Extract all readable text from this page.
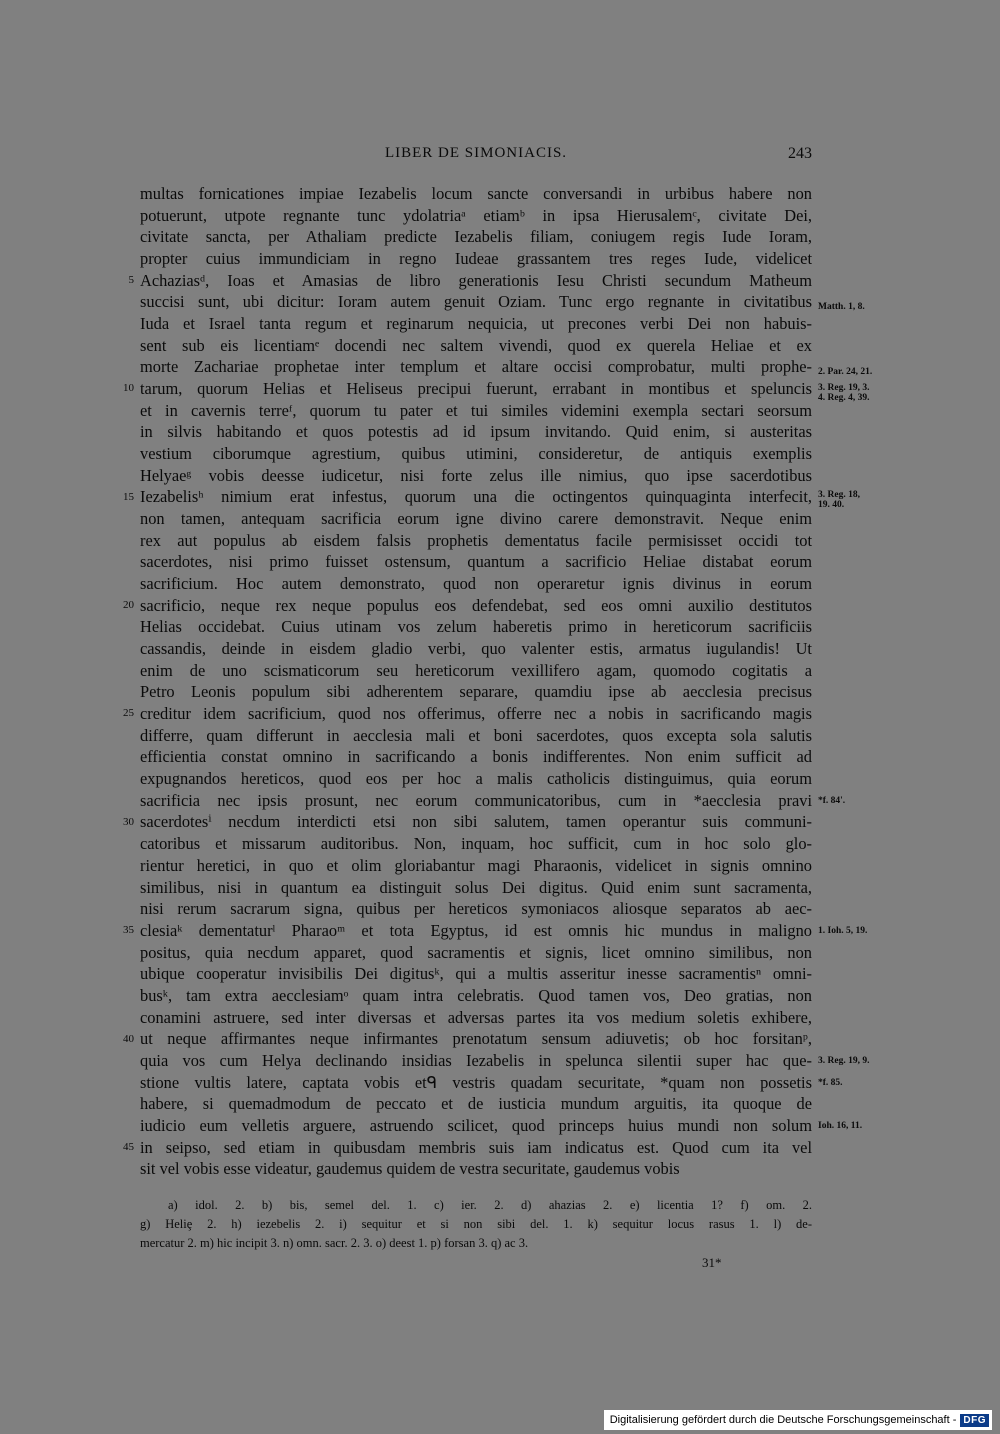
LIBER DE SIMONIACIS.	243
multas fornicationes impiae Iezabelis locum sancte conversandi in urbibus habere non
potuerunt, utpote regnante tunc ydolatriaᵃ etiamᵇ in ipsa Hierusalemᶜ, civitate Dei,
civitate sancta, per Athaliam predicte Iezabelis filiam, coniugem regis Iude Ioram,
propter cuius immundiciam in regno Iudeae grassantem tres reges Iude, videlicet
Achaziasᵈ, Ioas et Amasias de libro generationis Iesu Christi secundum Matheum
succisi sunt, ubi dicitur: Ioram autem genuit Oziam. Tunc ergo regnante in civitatibus
Iuda et Israel tanta regum et reginarum nequicia, ut precones verbi Dei non habuis-
sent sub eis licentiamᵉ docendi nec saltem vivendi, quod ex querela Heliae et ex
morte Zachariae prophetae inter templum et altare occisi comprobatur, multi prophe-
tarum, quorum Helias et Heliseus precipui fuerunt, errabant in montibus et speluncis
et in cavernis terreᶠ, quorum tu pater et tui similes videmini exempla sectari seorsum
in silvis habitando et quos potestis ad id ipsum invitando. Quid enim, si austeritas
vestium ciborumque agrestium, quibus utimini, consideretur, de antiquis exemplis
Helyaeᵍ vobis deesse iudicetur, nisi forte zelus ille nimius, quo ipse sacerdotibus
Iezabelisʰ nimium erat infestus, quorum una die octingentos quinquaginta interfecit,
non tamen, antequam sacrificia eorum igne divino carere demonstravit. Neque enim
rex aut populus ab eisdem falsis prophetis dementatus facile permisisset occidi tot
sacerdotes, nisi primo fuisset ostensum, quantum a sacrificio Heliae distabat eorum
sacrificium. Hoc autem demonstrato, quod non operaretur ignis divinus in eorum
sacrificio, neque rex neque populus eos defendebat, sed eos omni auxilio destitutos
Helias occidebat. Cuius utinam vos zelum haberetis primo in hereticorum sacrificiis
cassandis, deinde in eisdem gladio verbi, quo valenter estis, armatus iugulandis! Ut
enim de uno scismaticorum seu hereticorum vexillifero agam, quomodo cogitatis a
Petro Leonis populum sibi adherentem separare, quamdiu ipse ab aecclesia precisus
creditur idem sacrificium, quod nos offerimus, offerre nec a nobis in sacrificando magis
differre, quam differunt in aecclesia mali et boni sacerdotes, quos excepta sola salutis
efficientia constat omnino in sacrificando a bonis indifferentes. Non enim sufficit ad
expugnandos hereticos, quod eos per hoc a malis catholicis distinguimus, quia eorum
sacrificia nec ipsis prosunt, nec eorum communicatoribus, cum in *aecclesia pravi
sacerdotesⁱ necdum interdicti etsi non sibi salutem, tamen operantur suis communi-
catoribus et missarum auditoribus. Non, inquam, hoc sufficit, cum in hoc solo glo-
rientur heretici, in quo et olim gloriabantur magi Pharaonis, videlicet in signis omnino
similibus, nisi in quantum ea distinguit solus Dei digitus. Quid enim sunt sacramenta,
nisi rerum sacrarum signa, quibus per hereticos symoniacos aliosque separatos ab aec-
clesiaᵏ dementaturˡ Pharaoᵐ et tota Egyptus, id est omnis hic mundus in maligno
positus, quia necdum apparet, quod sacramentis et signis, licet omnino similibus, non
ubique cooperatur invisibilis Dei digitusᵏ, qui a multis asseritur inesse sacramentisⁿ omni-
busᵏ, tam extra aecclesiamᵒ quam intra celebratis. Quod tamen vos, Deo gratias, non
conamini astruere, sed inter diversas et adversas partes ita vos medium soletis exhibere,
ut neque affirmantes neque infirmantes prenotatum sensum adiuvetis; ob hoc forsitanᵖ,
quia vos cum Helya declinando insidias Iezabelis in spelunca silentii super hac que-
stione vultis latere, captata vobis etᑫ vestris quadam securitate, *quam non possetis
habere, si quemadmodum de peccato et de iusticia mundum arguitis, ita quoque de
iudicio eum velletis arguere, astruendo scilicet, quod princeps huius mundi non solum
in seipso, sed etiam in quibusdam membris suis iam indicatus est. Quod cum ita vel
sit vel vobis esse videatur, gaudemus quidem de vestra securitate, gaudemus vobis
5
10
15
20
25
30
35
40
45
Matth. 1, 8.
2. Par. 24, 21.
3. Reg. 19, 3.
4. Reg. 4, 39.
3. Reg. 18,
19. 40.
*f. 84'.
1. Ioh. 5, 19.
3. Reg. 19, 9.
*f. 85.
Ioh. 16, 11.
a) idol. 2. b) bis, semel del. 1. c) ier. 2. d) ahazias 2. e) licentia 1? f) om. 2.
g) Heliȩ 2. h) iezebelis 2. i) sequitur et si non sibi del. 1. k) sequitur locus rasus 1. l) de-
mercatur 2. m) hic incipit 3. n) omn. sacr. 2. 3. o) deest 1. p) forsan 3. q) ac 3.
31*
Digitalisierung gefördert durch die Deutsche Forschungsgemeinschaft - DFG
